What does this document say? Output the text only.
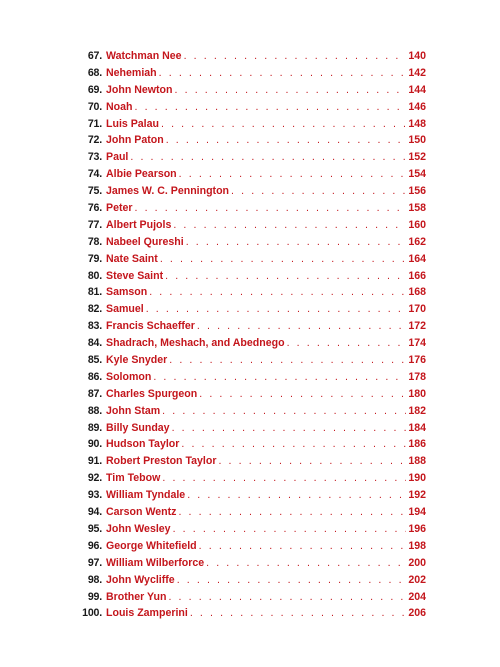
67. Watchman Nee . . .	140
68. Nehemiah . . .	142
69. John Newton . . .	144
70. Noah . . .	146
71. Luis Palau . . .	148
72. John Paton . . .	150
73. Paul . . .	152
74. Albie Pearson . . .	154
75. James W. C. Pennington . . .	156
76. Peter . . .	158
77. Albert Pujols . . .	160
78. Nabeel Qureshi . . .	162
79. Nate Saint . . .	164
80. Steve Saint . . .	166
81. Samson . . .	168
82. Samuel . . .	170
83. Francis Schaeffer . . .	172
84. Shadrach, Meshach, and Abednego . . .	174
85. Kyle Snyder . . .	176
86. Solomon . . .	178
87. Charles Spurgeon . . .	180
88. John Stam . . .	182
89. Billy Sunday . . .	184
90. Hudson Taylor . . .	186
91. Robert Preston Taylor . . .	188
92. Tim Tebow . . .	190
93. William Tyndale . . .	192
94. Carson Wentz . . .	194
95. John Wesley . . .	196
96. George Whitefield . . .	198
97. William Wilberforce . . .	200
98. John Wycliffe . . .	202
99. Brother Yun . . .	204
100. Louis Zamperini . . .	206
